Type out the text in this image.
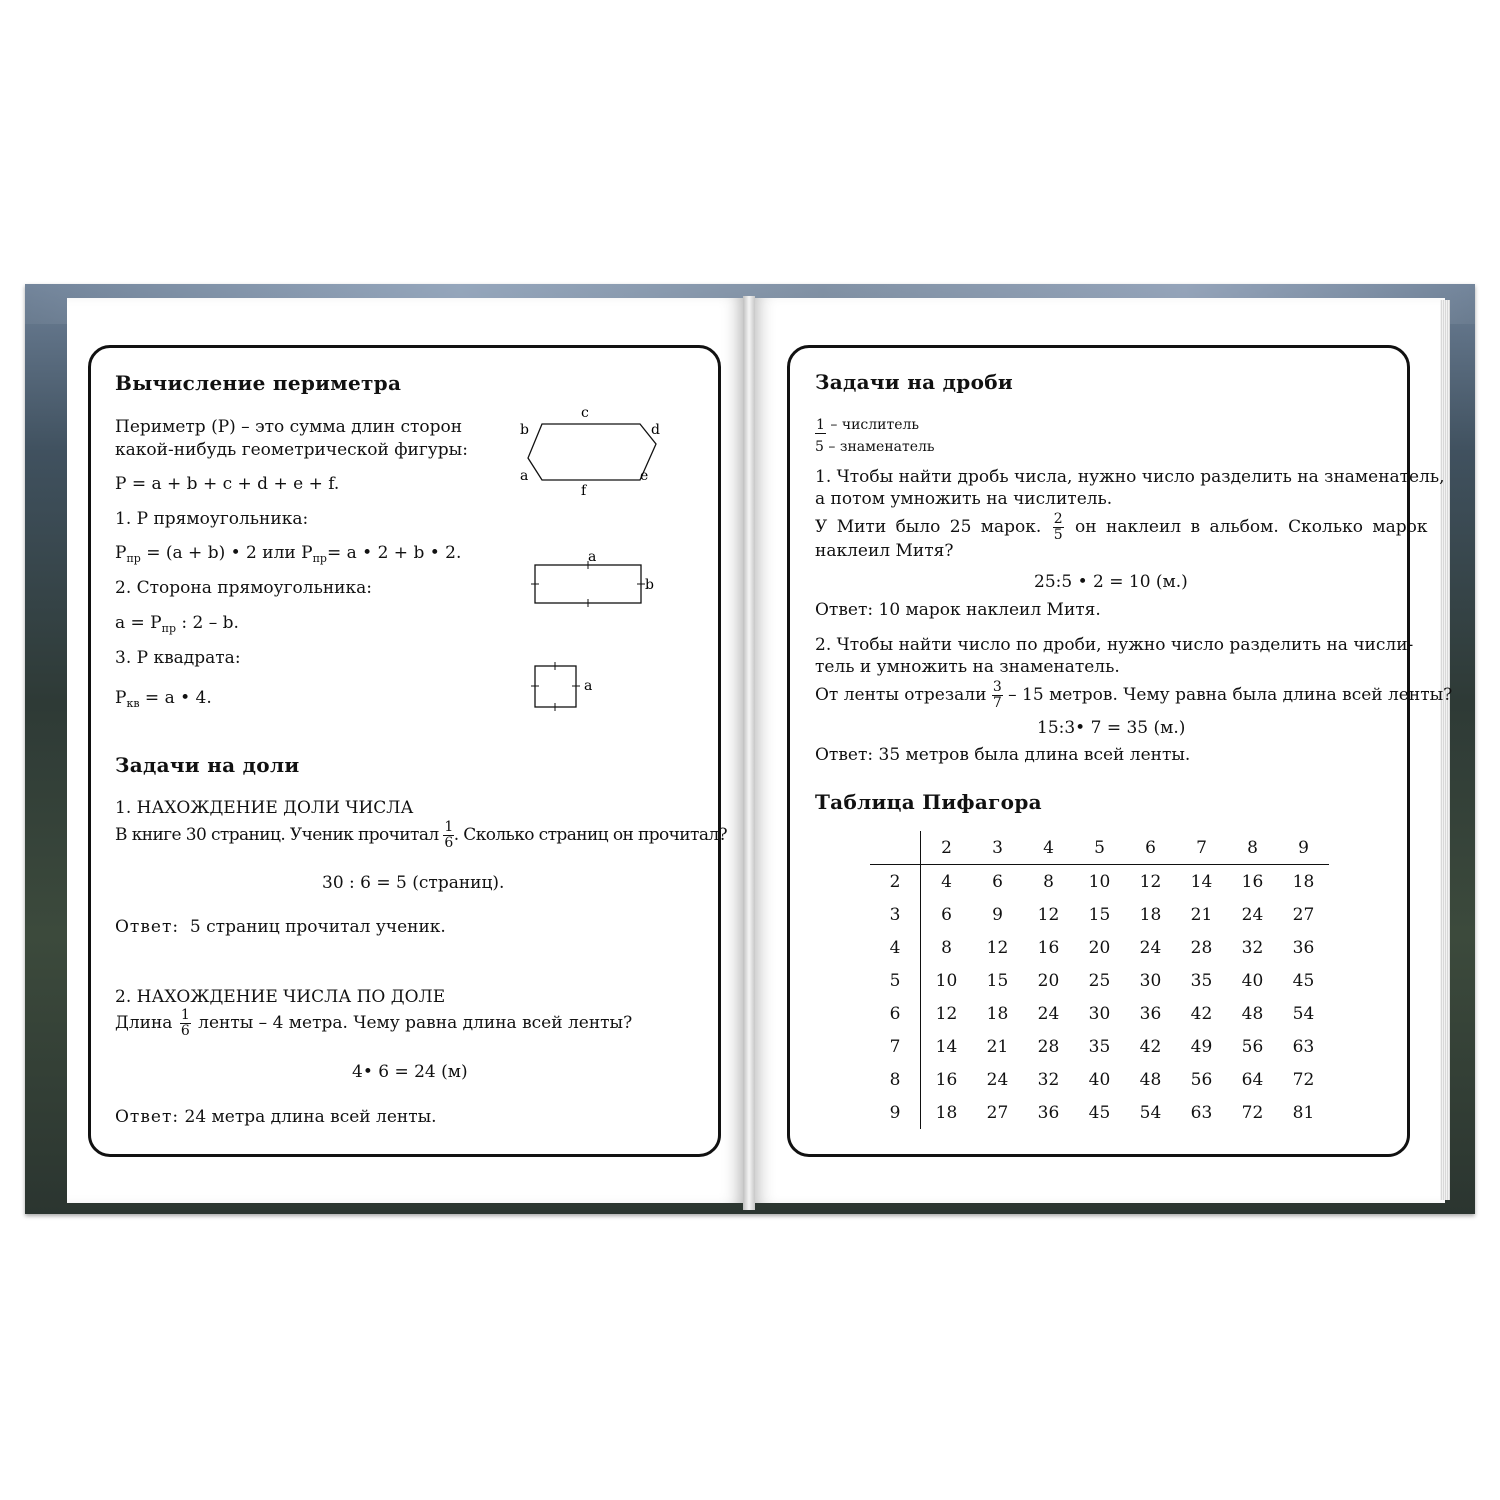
Вычисление периметра
Периметр (Р) – это сумма длин сторон
какой-нибудь геометрической фигуры:
Р = a + b + c + d + e + f.
1. Р прямоугольника:
$Р_{пр} = (a + b)$ • 2 или $Р_{пр}= a$ • 2 + b • 2.
2. Сторона прямоугольника:
$a = Р_{пр}$ : 2 – b.
3. Р квадрата:
$Р_{кв} = a$ • 4.
c
b	d
a	e
f
a
b
a
Задачи на доли
1. НАХОЖДЕНИЕ ДОЛИ ЧИСЛА
В книге 30 страниц. Ученик прочитал $\frac{1}{6}$ . Сколько страниц он прочитал?
30 : 6 = 5 (страниц).
Ответ: 5 страниц прочитал ученик.
2. НАХОЖДЕНИЕ ЧИСЛА ПО ДОЛЕ
Длина $\frac{1}{6}$ ленты – 4 метра. Чему равна длина всей ленты?
4• 6 = 24 (м)
Ответ: 24 метра длина всей ленты.
Задачи на дроби
1 – числитель
5 – знаменатель
1. Чтобы найти дробь числа, нужно число разделить на знаменатель,
а потом умножить на числитель.
У Мити было 25 марок. $\frac{2}{5}$ он наклеил в альбом. Сколько марок
наклеил Митя?
25:5 • 2 = 10 (м.)
Ответ: 10 марок наклеил Митя.
2. Чтобы найти число по дроби, нужно число разделить на числи-
тель и умножить на знаменатель.
От ленты отрезали $\frac{3}{7} - 15$ метров. Чему равна была длина всей ленты?
15:3• 7 = 35 (м.)
Ответ: 35 метров была длина всей ленты.
Таблица Пифагора
	2	3	4	5	6	7	8	9
2	4	6	8	10	12	14	16	18
3	6	9	12	15	18	21	24	27
4	8	12	16	20	24	28	32	36
5	10	15	20	25	30	35	40	45
6	12	18	24	30	36	42	48	54
7	14	21	28	35	42	49	56	63
8	16	24	32	40	48	56	64	72
9	18	27	36	45	54	63	72	81
